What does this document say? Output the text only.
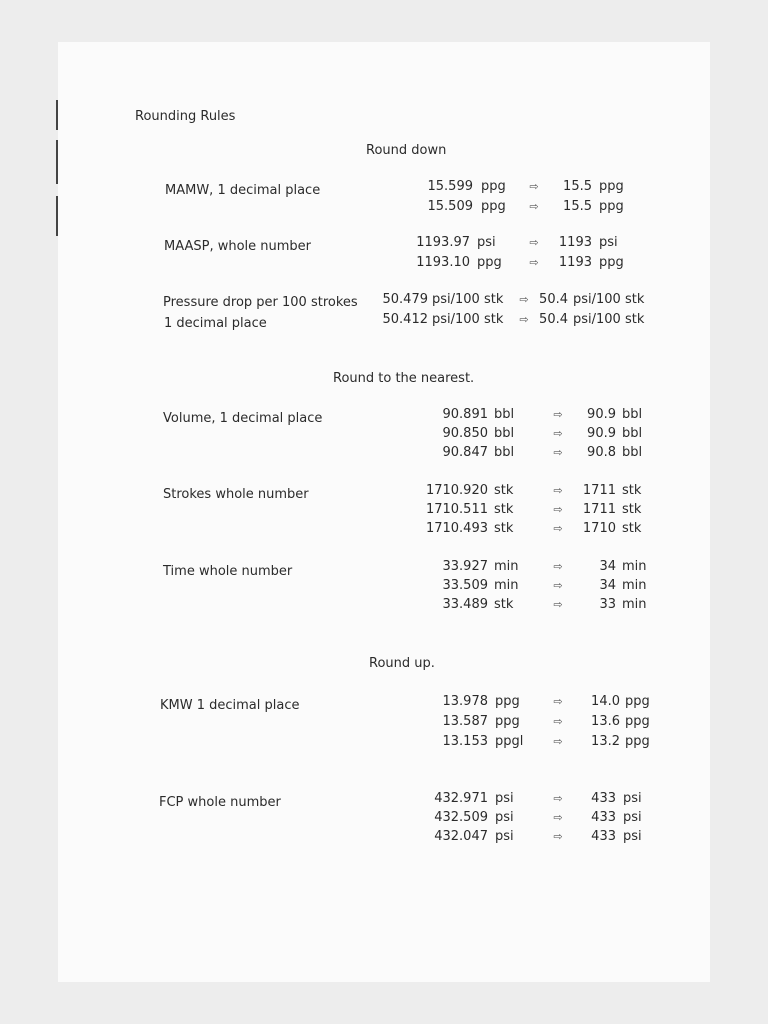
Rounding Rules
Round down
MAMW, 1 decimal place	15.599 ppg ⇨	15.5 ppg
15.509 ppg ⇨	15.5 ppg
MAASP, whole number	1193.97 psi	⇨	1193 psi
1193.10 ppg	⇨	1193 ppg
Pressure drop per 100 strokes
1 decimal place
50.479 psi/100 stk ⇨ 50.4 psi/100 stk
50.412 psi/100 stk ⇨ 50.4 psi/100 stk
Round to the nearest.
Volume, 1 decimal place	90.891 bbl	⇨	90.9 bbl
90.850 bbl	⇨	90.9 bbl
90.847 bbl	⇨	90.8 bbl
Strokes whole number	1710.920 stk	⇨	1711 stk
1710.511 stk	⇨	1711 stk
1710.493 stk	⇨	1710 stk
Time whole number	33.927 min	⇨	34 min
33.509 min	⇨	34 min
33.489 stk	⇨	33 min
Round up.
KMW 1 decimal place	13.978 ppg	⇨	14.0 ppg
13.587 ppg	⇨	13.6 ppg
13.153 ppgl	⇨	13.2 ppg
FCP whole number	432.971 psi	⇨	433 psi
432.509 psi	⇨	433 psi
432.047 psi	⇨	433 psi
